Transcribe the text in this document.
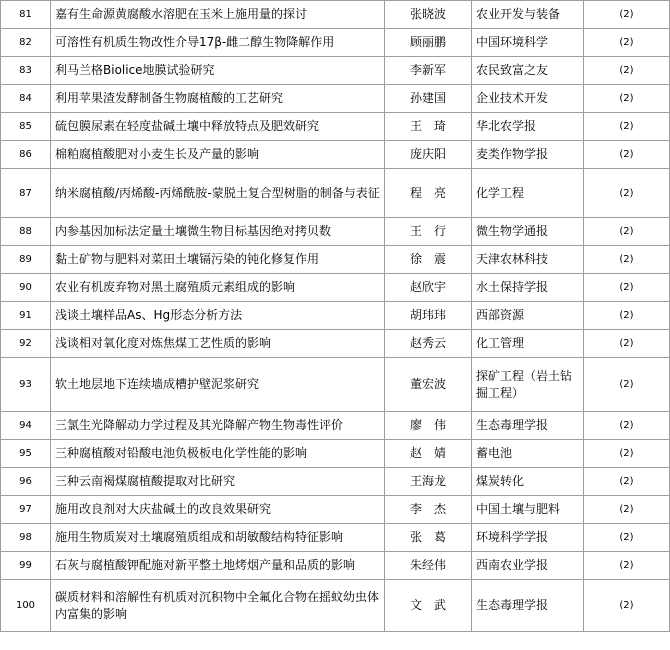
81	嘉有生命源黄腐酸水溶肥在玉米上施用量的探讨	张晓波	农业开发与装备	(2)
82	可溶性有机质生物改性介导17β-雌二醇生物降解作用	顾丽鹏	中国环境科学	(2)
83	利马兰格Biolice地膜试验研究	李新军	农民致富之友	(2)
84	利用苹果渣发酵制备生物腐植酸的工艺研究	孙建国	企业技术开发	(2)
85	硫包膜尿素在轻度盐碱土壤中释放特点及肥效研究	王　琦	华北农学报	(2)
86	棉粕腐植酸肥对小麦生长及产量的影响	庞庆阳	麦类作物学报	(2)
87	纳米腐植酸/丙烯酸-丙烯酰胺-蒙脱土复合型树脂的制备与表征	程　亮	化学工程	(2)
88	内参基因加标法定量土壤微生物目标基因绝对拷贝数	王　行	微生物学通报	(2)
89	黏土矿物与肥料对菜田土壤镉污染的钝化修复作用	徐　震	天津农林科技	(2)
90	农业有机废弃物对黑土腐殖质元素组成的影响	赵欣宇	水土保持学报	(2)
91	浅谈土壤样品As、Hg形态分析方法	胡玮玮	西部资源	(2)
92	浅谈相对氧化度对炼焦煤工艺性质的影响	赵秀云	化工管理	(2)
93	软土地层地下连续墙成槽护壁泥浆研究	董宏波	探矿工程（岩土钻掘工程）	(2)
94	三氯生光降解动力学过程及其光降解产物生物毒性评价	廖　伟	生态毒理学报	(2)
95	三种腐植酸对铅酸电池负极板电化学性能的影响	赵　婧	蓄电池	(2)
96	三种云南褐煤腐植酸提取对比研究	王海龙	煤炭转化	(2)
97	施用改良剂对大庆盐碱土的改良效果研究	李　杰	中国土壤与肥料	(2)
98	施用生物质炭对土壤腐殖质组成和胡敏酸结构特征影响	张　葛	环境科学学报	(2)
99	石灰与腐植酸钾配施对新平整土地烤烟产量和品质的影响	朱经伟	西南农业学报	(2)
100	碳质材料和溶解性有机质对沉积物中全氟化合物在摇蚊幼虫体内富集的影响	文　武	生态毒理学报	(2)
